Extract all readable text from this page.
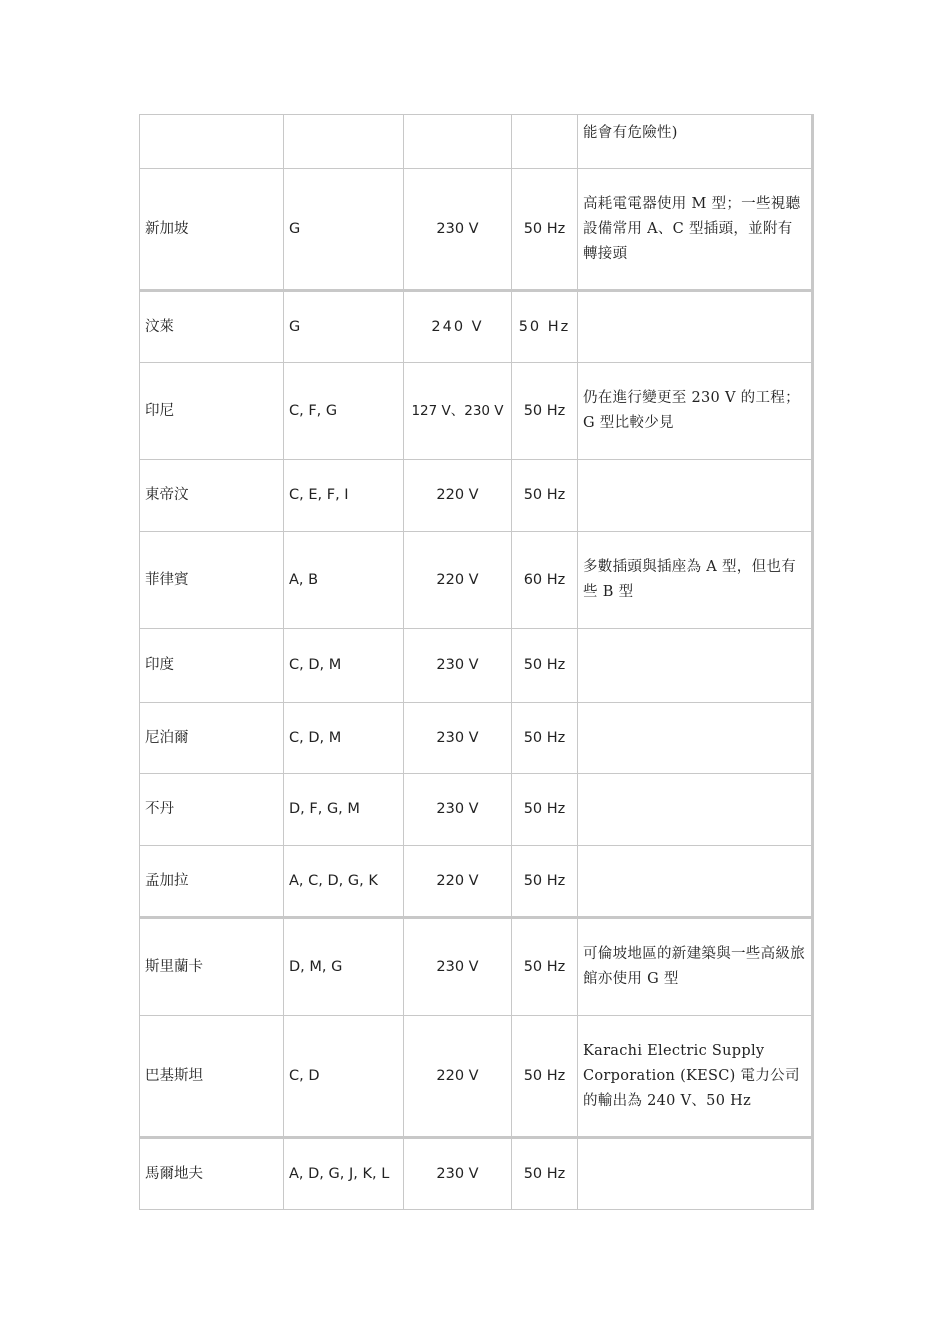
				能會有危險性)
新加坡	G	230 V	50 Hz	高耗電電器使用 M 型；一些視聽設備常用 A、C 型插頭，並附有轉接頭
汶萊	G	240 V	50 Hz	
印尼	C, F, G	127 V、230 V	50 Hz	仍在進行變更至 230 V 的工程；G 型比較少見
東帝汶	C, E, F, I	220 V	50 Hz	
菲律賓	A, B	220 V	60 Hz	多數插頭與插座為 A 型，但也有些 B 型
印度	C, D, M	230 V	50 Hz	
尼泊爾	C, D, M	230 V	50 Hz	
不丹	D, F, G, M	230 V	50 Hz	
孟加拉	A, C, D, G, K	220 V	50 Hz	
斯里蘭卡	D, M, G	230 V	50 Hz	可倫坡地區的新建築與一些高級旅館亦使用 G 型
巴基斯坦	C, D	220 V	50 Hz	Karachi Electric Supply Corporation (KESC) 電力公司的輸出為 240 V、50 Hz
馬爾地夫	A, D, G, J, K, L	230 V	50 Hz	
